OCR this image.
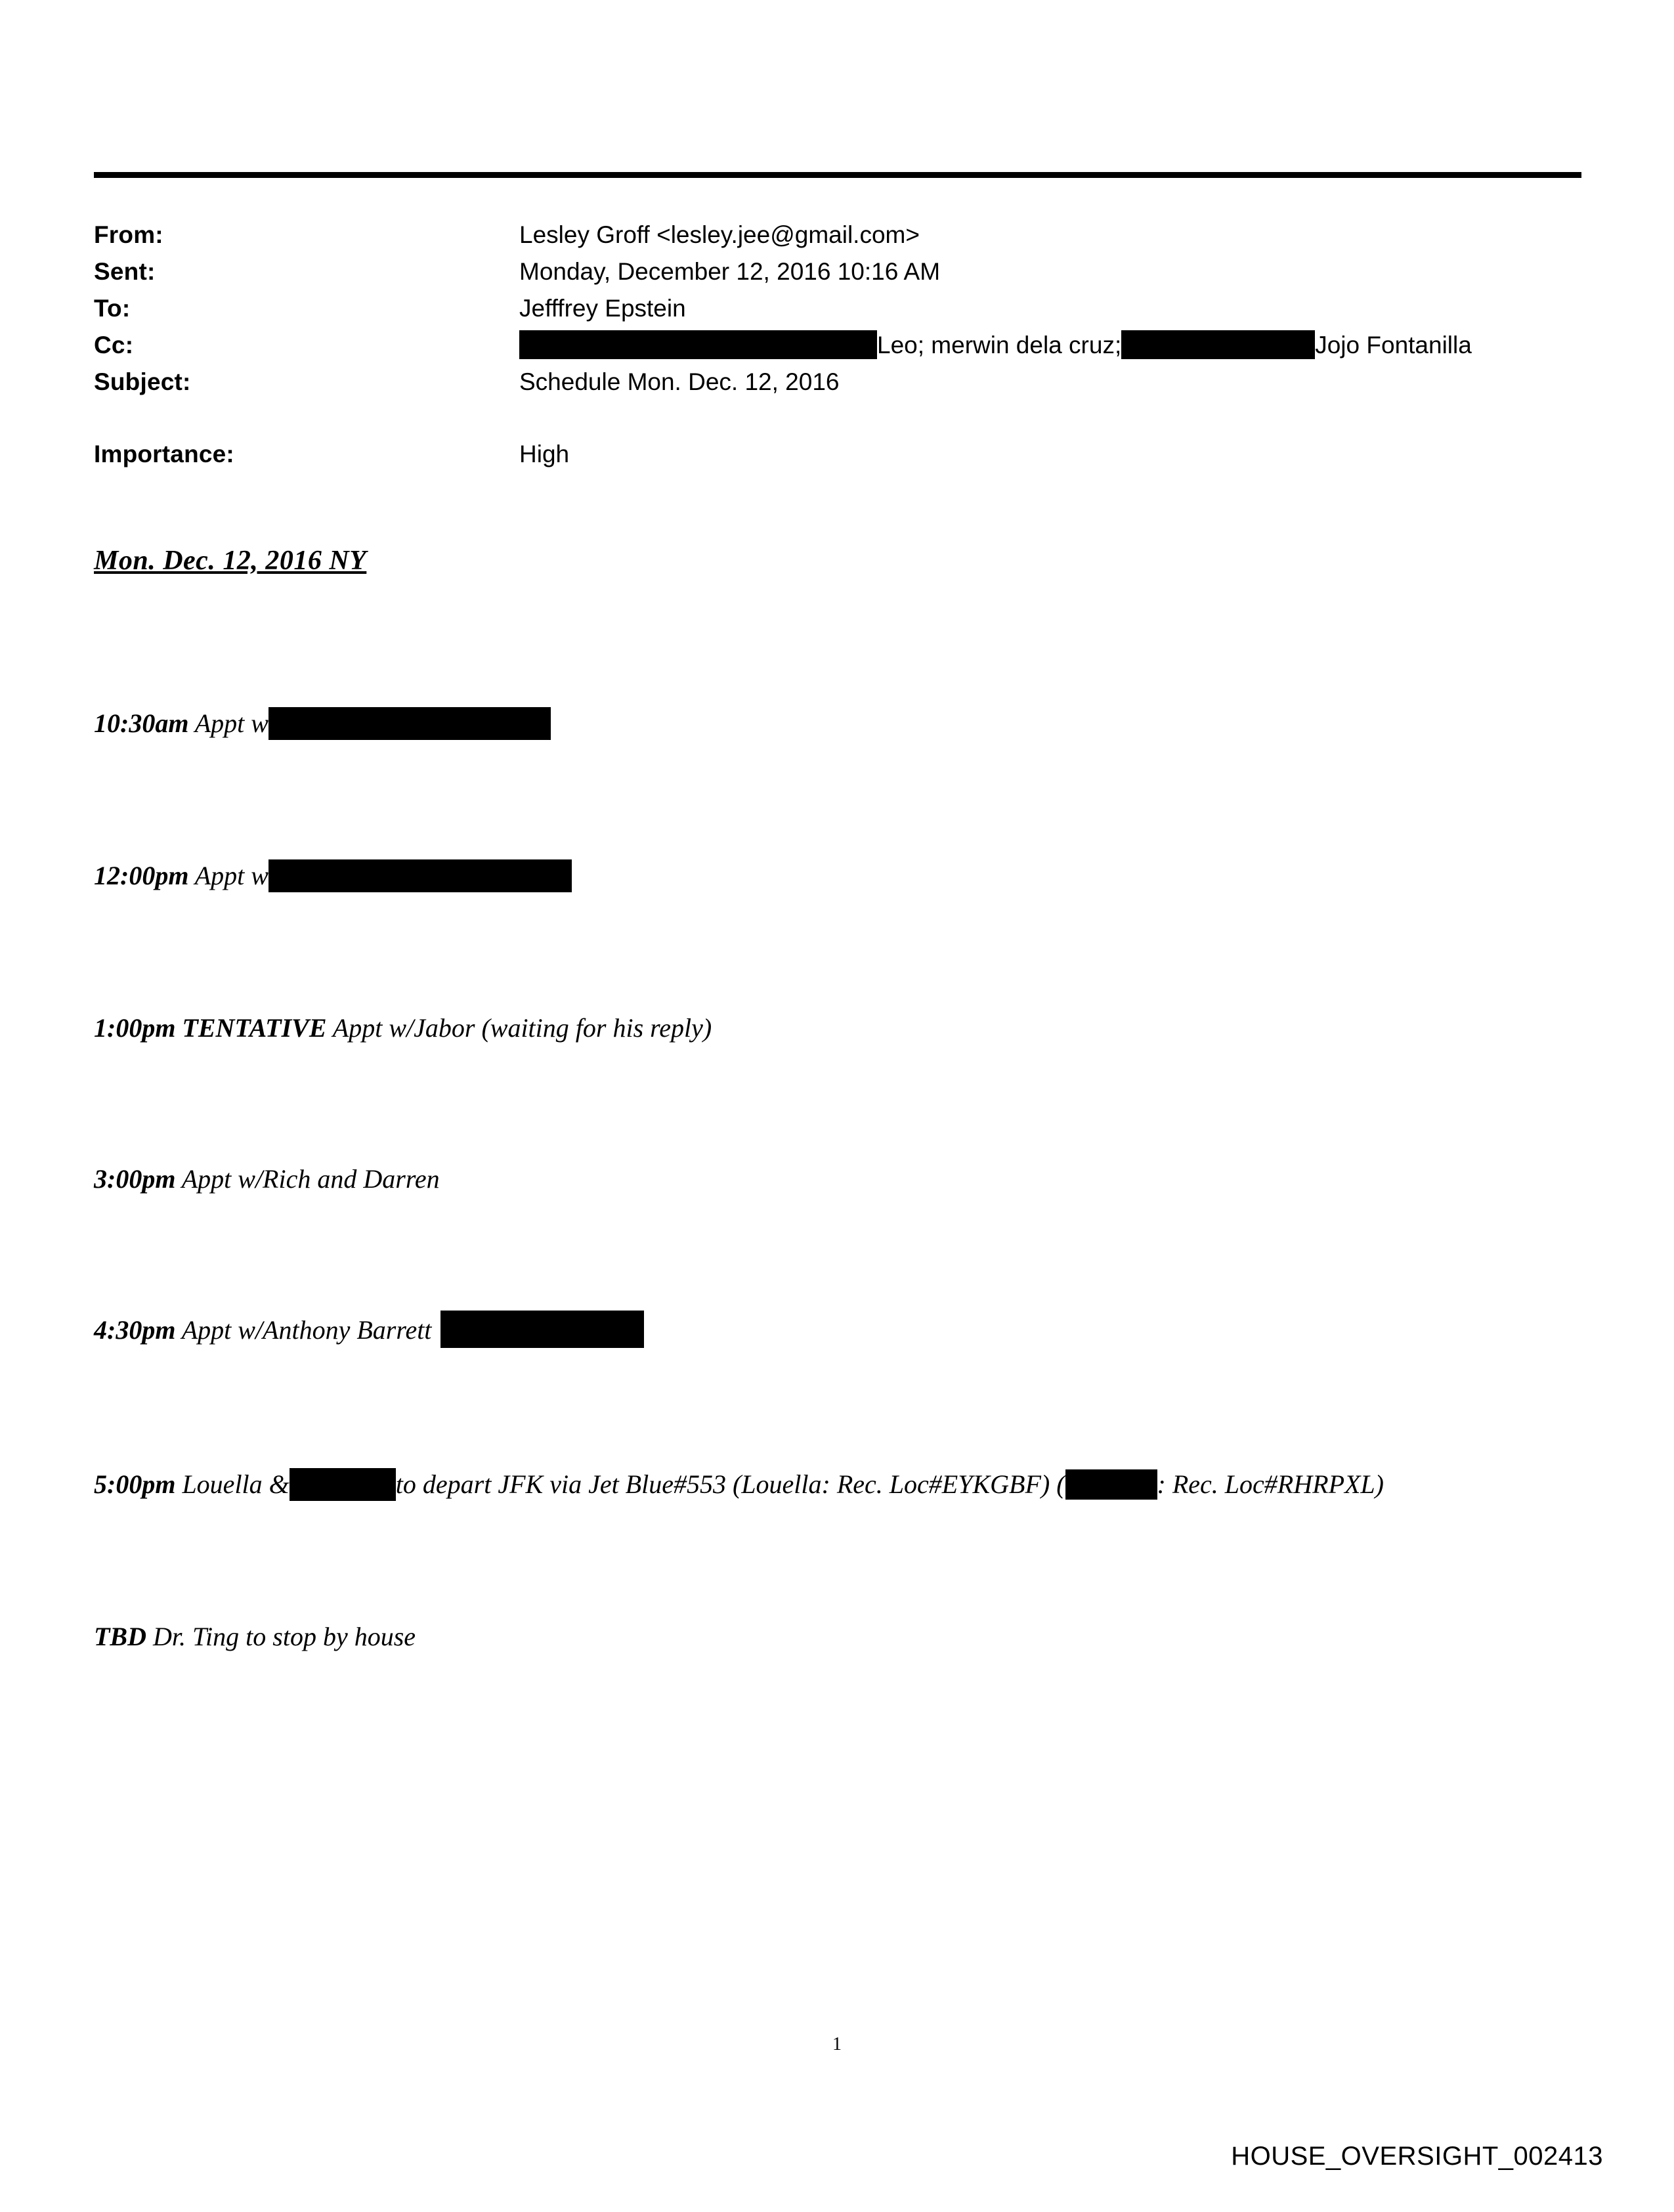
From:	Lesley Groff <lesley.jee@gmail.com>
Sent:	Monday, December 12, 2016 10:16 AM
To:	Jefffrey Epstein
Cc:	Leo; merwin dela cruz;	Jojo Fontanilla
Subject:	Schedule Mon. Dec. 12, 2016
Importance:	High
Mon. Dec. 12, 2016 NY
10:30am Appt w
12:00pm Appt w
1:00pm TENTATIVE Appt w/Jabor (waiting for his reply)
3:00pm Appt w/Rich and Darren
4:30pm Appt w/Anthony Barrett
5:00pm Louella &	to depart JFK via Jet Blue#553 (Louella: Rec. Loc#EYKGBF) (	: Rec. Loc#RHRPXL)
TBD Dr. Ting to stop by house
1
HOUSE_OVERSIGHT_002413
